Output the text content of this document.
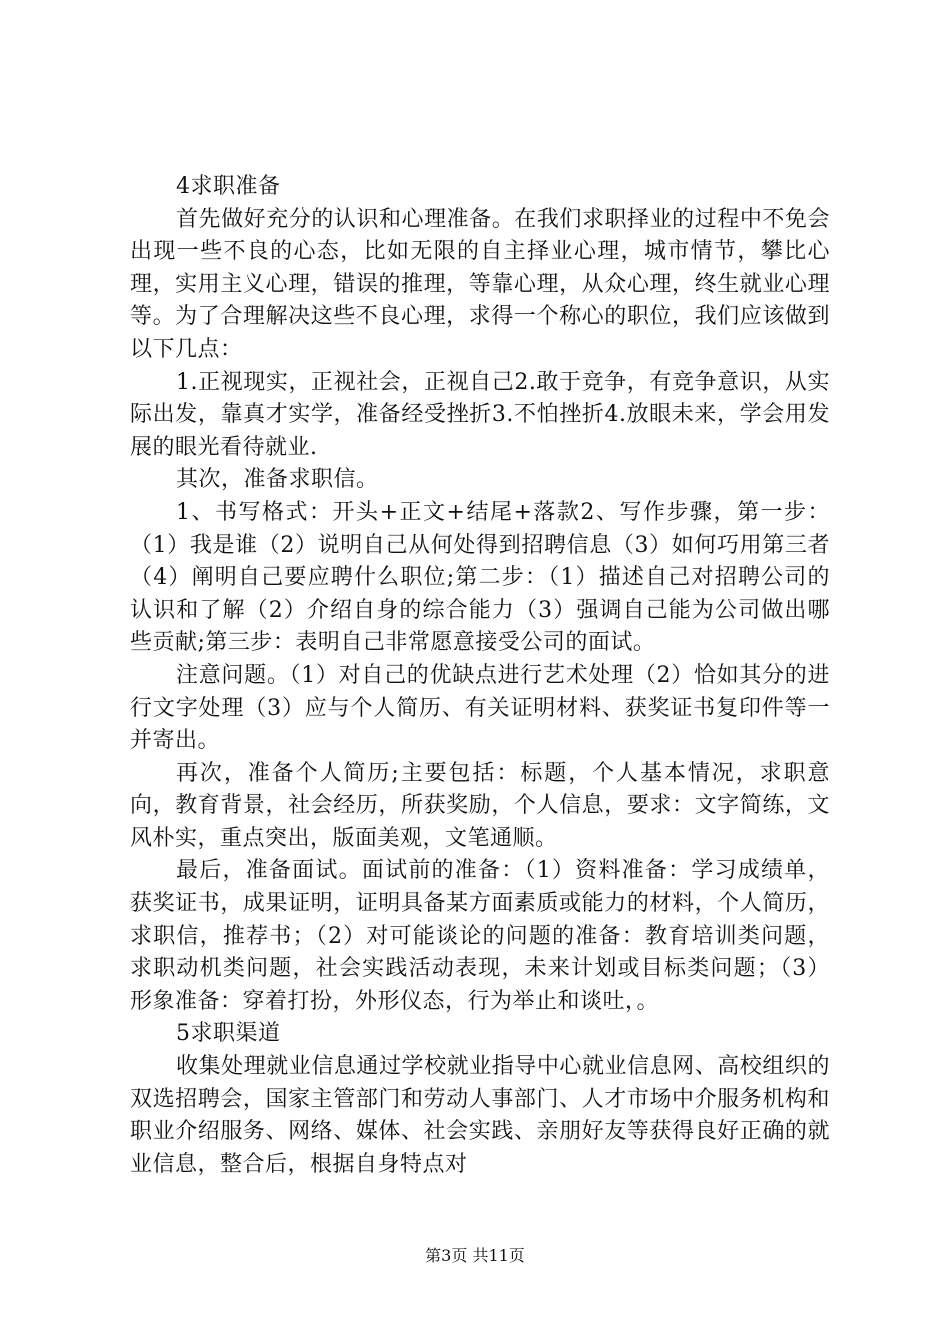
4求职准备

首先做好充分的认识和心理准备。在我们求职择业的过程中不免会出现一些不良的心态，比如无限的自主择业心理，城市情节，攀比心理，实用主义心理，错误的推理，等靠心理，从众心理，终生就业心理等。为了合理解决这些不良心理，求得一个称心的职位，我们应该做到以下几点：

1.正视现实，正视社会，正视自己2.敢于竞争，有竞争意识，从实际出发，靠真才实学，准备经受挫折3.不怕挫折4.放眼未来，学会用发展的眼光看待就业.

其次，准备求职信。

1、书写格式：开头+正文+结尾+落款2、写作步骤，第一步：（1）我是谁（2）说明自己从何处得到招聘信息（3）如何巧用第三者（4）阐明自己要应聘什么职位;第二步：（1）描述自己对招聘公司的认识和了解（2）介绍自身的综合能力（3）强调自己能为公司做出哪些贡献;第三步：表明自己非常愿意接受公司的面试。

注意问题。（1）对自己的优缺点进行艺术处理（2）恰如其分的进行文字处理（3）应与个人简历、有关证明材料、获奖证书复印件等一并寄出。

再次，准备个人简历;主要包括：标题，个人基本情况，求职意向，教育背景，社会经历，所获奖励，个人信息，要求：文字简练，文风朴实，重点突出，版面美观，文笔通顺。

最后，准备面试。面试前的准备：（1）资料准备：学习成绩单，获奖证书，成果证明，证明具备某方面素质或能力的材料，个人简历，求职信，推荐书；（2）对可能谈论的问题的准备：教育培训类问题，求职动机类问题，社会实践活动表现，未来计划或目标类问题；（3）形象准备：穿着打扮，外形仪态，行为举止和谈吐，。

5求职渠道

收集处理就业信息通过学校就业指导中心就业信息网、高校组织的双选招聘会，国家主管部门和劳动人事部门、人才市场中介服务机构和职业介绍服务、网络、媒体、社会实践、亲朋好友等获得良好正确的就业信息，整合后，根据自身特点对

第3页 共11页
